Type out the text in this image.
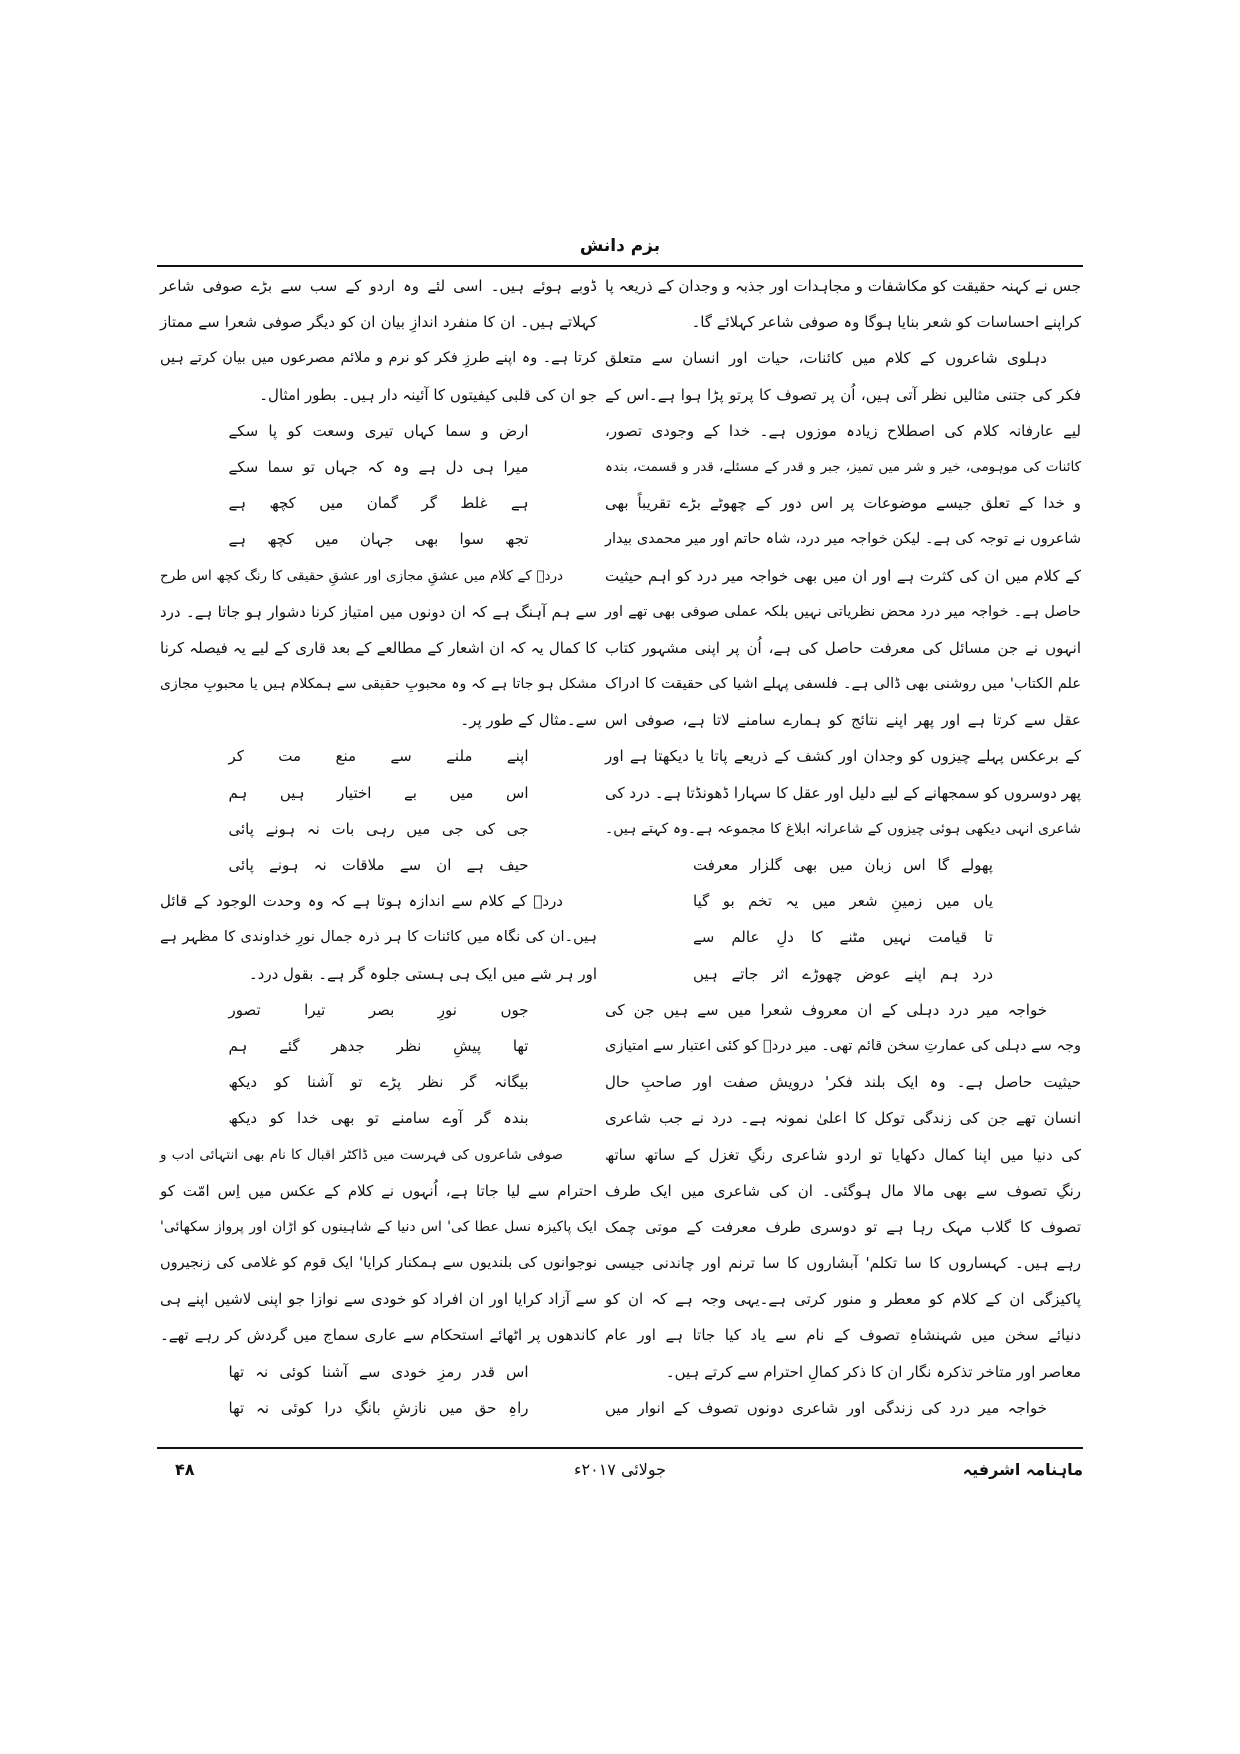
بزم دانش
جس نے کہنہ حقیقت کو مکاشفات و مجاہدات اور جذبہ و وجدان کے ذریعہ پا
کراپنے احساسات کو شعر بنایا ہوگا وہ صوفی شاعر کہلائے گا۔
دہلوی شاعروں کے کلام میں کائنات، حیات اور انسان سے متعلق
فکر کی جتنی مثالیں نظر آتی ہیں، اُن پر تصوف کا پرتو پڑا ہوا ہے۔اس کے
لیے عارفانہ کلام کی اصطلاح زیادہ موزوں ہے۔ خدا کے وجودی تصور،
کائنات کی موہومی، خیر و شر میں تمیز، جبر و قدر کے مسئلے، قدر و قسمت، بندہ
و خدا کے تعلق جیسے موضوعات پر اس دور کے چھوٹے بڑے تقریباً بھی
شاعروں نے توجہ کی ہے۔ لیکن خواجہ میر درد، شاہ حاتم اور میر محمدی بیدار
کے کلام میں ان کی کثرت ہے اور ان میں بھی خواجہ میر درد کو اہم حیثیت
حاصل ہے۔ خواجہ میر درد محض نظریاتی نہیں بلکہ عملی صوفی بھی تھے اور
انہوں نے جن مسائل کی معرفت حاصل کی ہے، اُن پر اپنی مشہور کتاب
علم الکتاب' میں روشنی بھی ڈالی ہے۔ فلسفی پہلے اشیا کی حقیقت کا ادراک
عقل سے کرتا ہے اور پھر اپنے نتائج کو ہمارے سامنے لاتا ہے، صوفی اس
کے برعکس پہلے چیزوں کو وجدان اور کشف کے ذریعے پاتا یا دیکھتا ہے اور
پھر دوسروں کو سمجھانے کے لیے دلیل اور عقل کا سہارا ڈھونڈتا ہے۔ درد کی
شاعری انہی دیکھی ہوئی چیزوں کے شاعرانہ ابلاغ کا مجموعہ ہے۔وہ کہتے ہیں۔
پھولے گا اس زبان میں بھی گلزار معرفت
یاں میں زمینِ شعر میں یہ تخم بو گیا
تا قیامت نہیں مٹنے کا دلِ عالم سے
درد ہم اپنے عوض چھوڑے اثر جاتے ہیں
خواجہ میر درد دہلی کے ان معروف شعرا میں سے ہیں جن کی
وجہ سے دہلی کی عمارتِ سخن قائم تھی۔ میر دردؔ کو کئی اعتبار سے امتیازی
حیثیت حاصل ہے۔ وہ ایک بلند فکر' درویش صفت اور صاحبِ حال
انسان تھے جن کی زندگی توکل کا اعلیٰ نمونہ ہے۔ درد نے جب شاعری
کی دنیا میں اپنا کمال دکھایا تو اردو شاعری رنگِ تغزل کے ساتھ ساتھ
رنگِ تصوف سے بھی مالا مال ہوگئی۔ ان کی شاعری میں ایک طرف
تصوف کا گلاب مہک رہا ہے تو دوسری طرف معرفت کے موتی چمک
رہے ہیں۔ کہساروں کا سا تکلم' آبشاروں کا سا ترنم اور چاندنی جیسی
پاکیزگی ان کے کلام کو معطر و منور کرتی ہے۔یہی وجہ ہے کہ ان کو
دنیائے سخن میں شہنشاہِ تصوف کے نام سے یاد کیا جاتا ہے اور عام
معاصر اور متاخر تذکرہ نگار ان کا ذکر کمالِ احترام سے کرتے ہیں۔
خواجہ میر درد کی زندگی اور شاعری دونوں تصوف کے انوار میں
ڈوبے ہوئے ہیں۔ اسی لئے وہ اردو کے سب سے بڑے صوفی شاعر
کہلاتے ہیں۔ ان کا منفرد اندازِ بیان ان کو دیگر صوفی شعرا سے ممتاز
کرتا ہے۔ وہ اپنے طرزِ فکر کو نرم و ملائم مصرعوں میں بیان کرتے ہیں
جو ان کی قلبی کیفیتوں کا آئینہ دار ہیں۔ بطور امثال۔
ارض و سما کہاں تیری وسعت کو پا سکے
میرا ہی دل ہے وہ کہ جہاں تو سما سکے
ہے غلط گر گمان میں کچھ ہے
تجھ سوا بھی جہان میں کچھ ہے
دردؔ کے کلام میں عشقِ مجازی اور عشقِ حقیقی کا رنگ کچھ اس طرح
سے ہم آہنگ ہے کہ ان دونوں میں امتیاز کرنا دشوار ہو جاتا ہے۔ درد
کا کمال یہ کہ ان اشعار کے مطالعے کے بعد قاری کے لیے یہ فیصلہ کرنا
مشکل ہو جاتا ہے کہ وہ محبوبِ حقیقی سے ہمکلام ہیں یا محبوبِ مجازی
سے۔مثال کے طور پر۔
اپنے ملنے سے منع مت کر
اس میں بے اختیار ہیں ہم
جی کی جی میں رہی بات نہ ہونے پائی
حیف ہے ان سے ملاقات نہ ہونے پائی
دردؔ کے کلام سے اندازہ ہوتا ہے کہ وہ وحدت الوجود کے قائل
ہیں۔ان کی نگاہ میں کائنات کا ہر ذرہ جمال نورِ خداوندی کا مظہر ہے
اور ہر شے میں ایک ہی ہستی جلوہ گر ہے۔ بقول درد۔
جوں نورِ بصر تیرا تصور
تھا پیشِ نظر جدھر گئے ہم
بیگانہ گر نظر پڑے تو آشنا کو دیکھ
بندہ گر آوے سامنے تو بھی خدا کو دیکھ
صوفی شاعروں کی فہرست میں ڈاکٹر اقبال کا نام بھی انتہائی ادب و
احترام سے لیا جاتا ہے، اُنہوں نے کلام کے عکس میں اِس امّت کو
ایک پاکیزہ نسل عطا کی' اس دنیا کے شاہینوں کو اڑان اور پرواز سکھائی'
نوجوانوں کی بلندیوں سے ہمکنار کرایا' ایک قوم کو غلامی کی زنجیروں
سے آزاد کرایا اور ان افراد کو خودی سے نوازا جو اپنی لاشیں اپنے ہی
کاندھوں پر اٹھائے استحکام سے عاری سماج میں گردش کر رہے تھے۔
اس قدر رمزِ خودی سے آشنا کوئی نہ تھا
راہِ حق میں نازشِ بانگِ درا کوئی نہ تھا
ماہنامہ اشرفیہ
جولائی ۲۰۱۷ء
۴۸
